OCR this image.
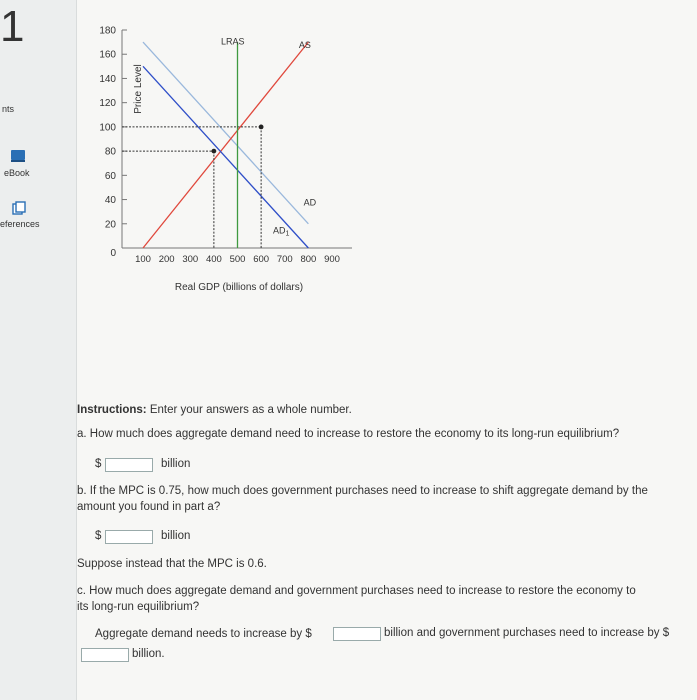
1
nts
eBook
eferences	20
40
60
80
100
120
140
160
180
0
100 200 300 400 500 600 700 800 900
Price Level
Real GDP (billions of dollars)
LRAS	AS
AD
$AD_1$
Instructions: Enter your answers as a whole number.
a. How much does aggregate demand need to increase to restore the economy to its long-run equilibrium?
$	billion
b. If the MPC is 0.75, how much does government purchases need to increase to shift aggregate demand by the
amount you found in part a?
$	billion
Suppose instead that the MPC is 0.6.
c. How much does aggregate demand and government purchases need to increase to restore the economy to
its long-run equilibrium?
Aggregate demand needs to increase by $	billion and government purchases need to increase by $
billion.
